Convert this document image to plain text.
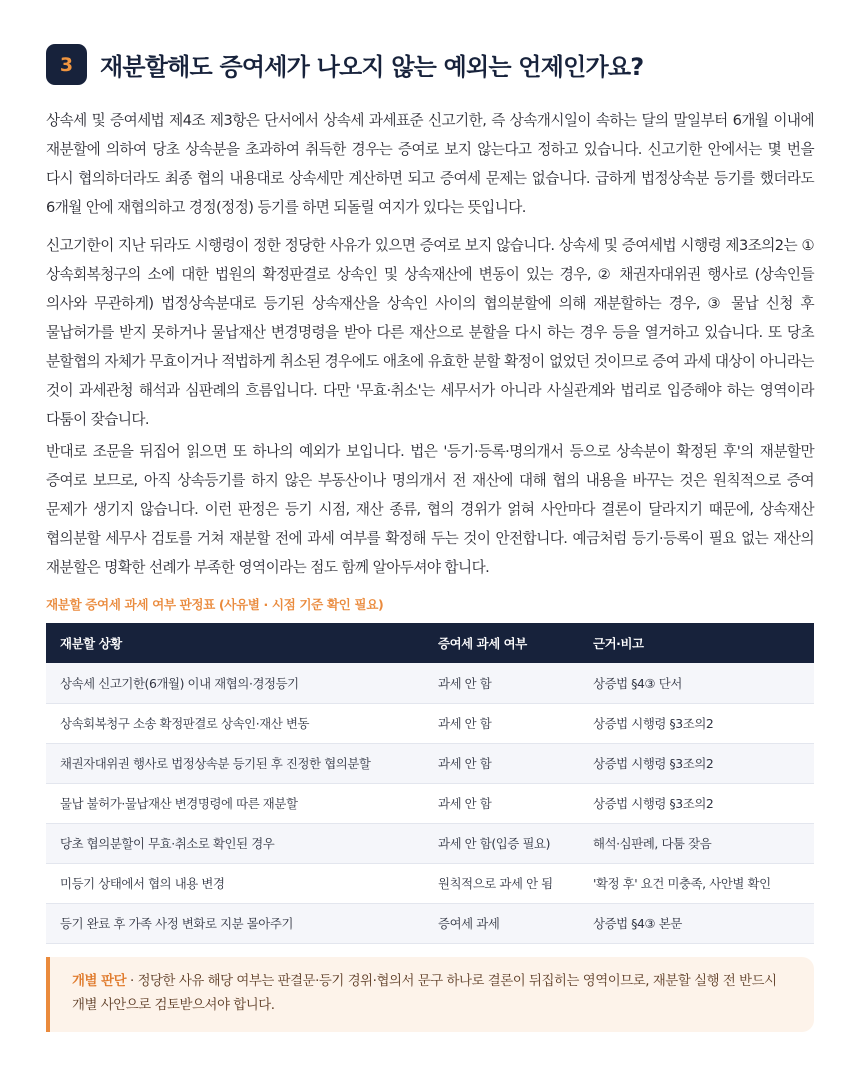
3	재분할해도 증여세가 나오지 않는 예외는 언제인가요?

상속세 및 증여세법 제4조 제3항은 단서에서 상속세 과세표준 신고기한, 즉 상속개시일이 속하는 달의 말일부터 6개월 이내에 재분할에 의하여 당초 상속분을 초과하여 취득한 경우는 증여로 보지 않는다고 정하고 있습니다. 신고기한 안에서는 몇 번을 다시 협의하더라도 최종 협의 내용대로 상속세만 계산하면 되고 증여세 문제는 없습니다. 급하게 법정상속분 등기를 했더라도 6개월 안에 재협의하고 경정(정정) 등기를 하면 되돌릴 여지가 있다는 뜻입니다.

신고기한이 지난 뒤라도 시행령이 정한 정당한 사유가 있으면 증여로 보지 않습니다. 상속세 및 증여세법 시행령 제3조의2는 ① 상속회복청구의 소에 대한 법원의 확정판결로 상속인 및 상속재산에 변동이 있는 경우, ② 채권자대위권 행사로 (상속인들 의사와 무관하게) 법정상속분대로 등기된 상속재산을 상속인 사이의 협의분할에 의해 재분할하는 경우, ③ 물납 신청 후 물납허가를 받지 못하거나 물납재산 변경명령을 받아 다른 재산으로 분할을 다시 하는 경우 등을 열거하고 있습니다. 또 당초 분할협의 자체가 무효이거나 적법하게 취소된 경우에도 애초에 유효한 분할 확정이 없었던 것이므로 증여 과세 대상이 아니라는 것이 과세관청 해석과 심판례의 흐름입니다. 다만 '무효·취소'는 세무서가 아니라 사실관계와 법리로 입증해야 하는 영역이라 다툼이 잦습니다.

반대로 조문을 뒤집어 읽으면 또 하나의 예외가 보입니다. 법은 '등기·등록·명의개서 등으로 상속분이 확정된 후'의 재분할만 증여로 보므로, 아직 상속등기를 하지 않은 부동산이나 명의개서 전 재산에 대해 협의 내용을 바꾸는 것은 원칙적으로 증여 문제가 생기지 않습니다. 이런 판정은 등기 시점, 재산 종류, 협의 경위가 얽혀 사안마다 결론이 달라지기 때문에, 상속재산 협의분할 세무사 검토를 거쳐 재분할 전에 과세 여부를 확정해 두는 것이 안전합니다. 예금처럼 등기·등록이 필요 없는 재산의 재분할은 명확한 선례가 부족한 영역이라는 점도 함께 알아두셔야 합니다.

재분할 증여세 과세 여부 판정표 (사유별 · 시점 기준 확인 필요)
재분할 상황	증여세 과세 여부	근거·비고
상속세 신고기한(6개월) 이내 재협의·경정등기	과세 안 함	상증법 §4③ 단서
상속회복청구 소송 확정판결로 상속인·재산 변동	과세 안 함	상증법 시행령 §3조의2
채권자대위권 행사로 법정상속분 등기된 후 진정한 협의분할	과세 안 함	상증법 시행령 §3조의2
물납 불허가·물납재산 변경명령에 따른 재분할	과세 안 함	상증법 시행령 §3조의2
당초 협의분할이 무효·취소로 확인된 경우	과세 안 함(입증 필요)	해석·심판례, 다툼 잦음
미등기 상태에서 협의 내용 변경	원칙적으로 과세 안 됨	'확정 후' 요건 미충족, 사안별 확인
등기 완료 후 가족 사정 변화로 지분 몰아주기	증여세 과세	상증법 §4③ 본문
개별 판단 · 정당한 사유 해당 여부는 판결문·등기 경위·협의서 문구 하나로 결론이 뒤집히는 영역이므로, 재분할 실행 전 반드시 개별 사안으로 검토받으셔야 합니다.
